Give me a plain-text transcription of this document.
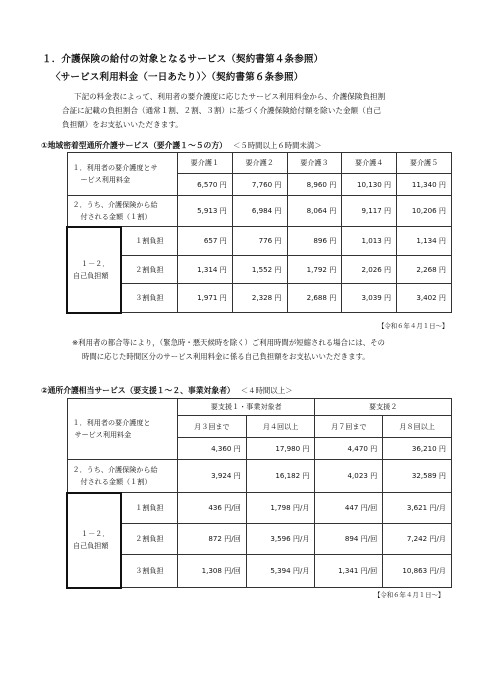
１．介護保険の給付の対象となるサービス（契約書第４条参照）
〈サービス利用料金（一日あたり）〉（契約書第６条参照）
下記の料金表によって、利用者の要介護度に応じたサービス利用料金から、介護保険負担割
合証に記載の負担割合（通常１割、２割、３割）に基づく介護保険給付額を除いた金額（自己
負担額）をお支払いいただきます。
①地域密着型通所介護サービス（要介護１～５の方） ＜５時間以上６時間未満＞
１．利用者の要介護度とサ
ービス利用料金		要介護１	要介護２	要介護３	要介護４	要介護５
		6,570 円	7,760 円	8,960 円	10,130 円	11,340 円

２．うち、介護保険から給
付される金額（１割）		5,913 円	6,984 円	8,064 円	9,117 円	10,206 円

１－２．
自己負担額	１割負担	657 円	776 円	896 円	1,013 円	1,134 円
	２割負担	1,314 円	1,552 円	1,792 円	2,026 円	2,268 円
	３割負担	1,971 円	2,328 円	2,688 円	3,039 円	3,402 円
【令和６年４月１日～】
※利用者の都合等により，（緊急時・悪天候時を除く）ご利用時間が短縮される場合には、その
時間に応じた時間区分のサービス利用料金に係る自己負担額をお支払いいただきます。
②通所介護相当サービス（要支援１～２、事業対象者） ＜４時間以上＞
１．利用者の要介護度と
サービス利用料金		要支援１・事業対象者		要支援２	
		月３回まで	月４回以上	月７回まで	月８回以上
		4,360 円	17,980 円	4,470 円	36,210 円

２．うち、介護保険から給
付される金額（１割）		3,924 円	16,182 円	4,023 円	32,589 円

１－２．
自己負担額	１割負担	436 円/回	1,798 円/月	447 円/回	3,621 円/月
	２割負担	872 円/回	3,596 円/月	894 円/回	7,242 円/月
	３割負担	1,308 円/回	5,394 円/月	1,341 円/回	10,863 円/月
【令和６年４月１日～】
